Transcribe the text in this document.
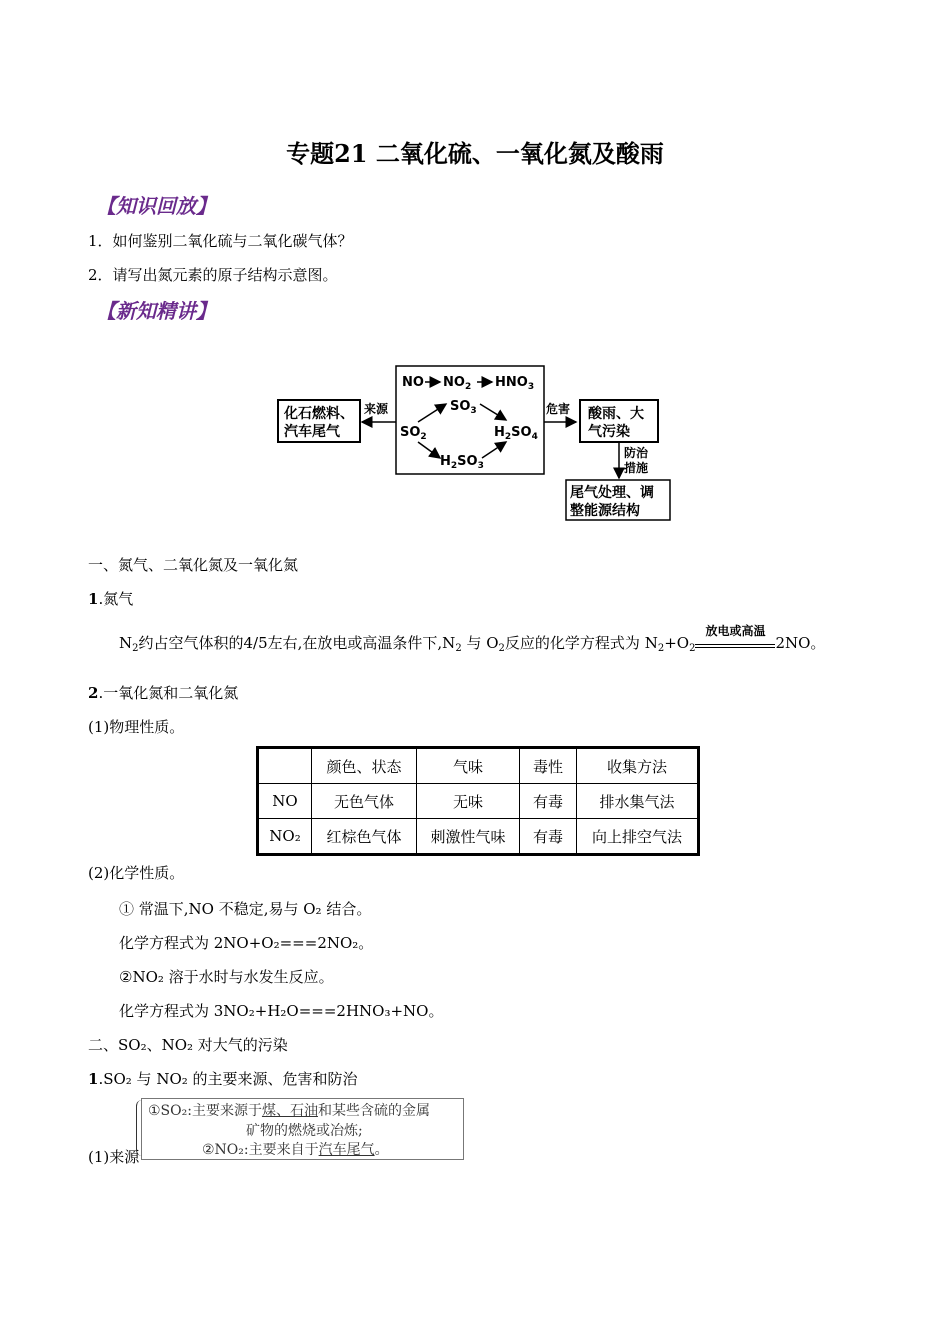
专题21 二氧化硫、一氧化氮及酸雨
【知识回放】
1．如何鉴别二氧化硫与二氧化碳气体？
2．请写出氮元素的原子结构示意图。
【新知精讲】
化石燃料、
汽车尾气
来源
NO $NO_2$ $HNO_3$
$SO_3$
$SO_2$	$H_2SO_4$
$H_2SO_3$
危害 酸雨、大
气污染
防治
措施
尾气处理、调
整能源结构
一、氮气、二氧化氮及一氧化氮
1.氮气
$N_2$约占空气体积的4/5左右,在放电或高温条件下$,N_2$ 与 $O_2$反应的化学方程式为 $N_2+O_2$
放电或高温
2NO。
2.一氧化氮和二氧化氮
(1)物理性质。
	颜色、状态	气味	毒性	收集方法
NO	无色气体	无味	有毒	排水集气法
NO₂	红棕色气体	刺激性气味	有毒	向上排空气法
(2)化学性质。
① 常温下,NO 不稳定,易与 O₂ 结合。
化学方程式为 2NO+O₂===2NO₂。
②NO₂ 溶于水时与水发生反应。
化学方程式为 3NO₂+H₂O===2HNO₃+NO。
二、SO₂、NO₂ 对大气的污染
1.SO₂ 与 NO₂ 的主要来源、危害和防治
(1)来源
①SO₂:主要来源于煤、石油和某些含硫的金属
矿物的燃烧或冶炼;
②NO₂:主要来自于汽车尾气。
